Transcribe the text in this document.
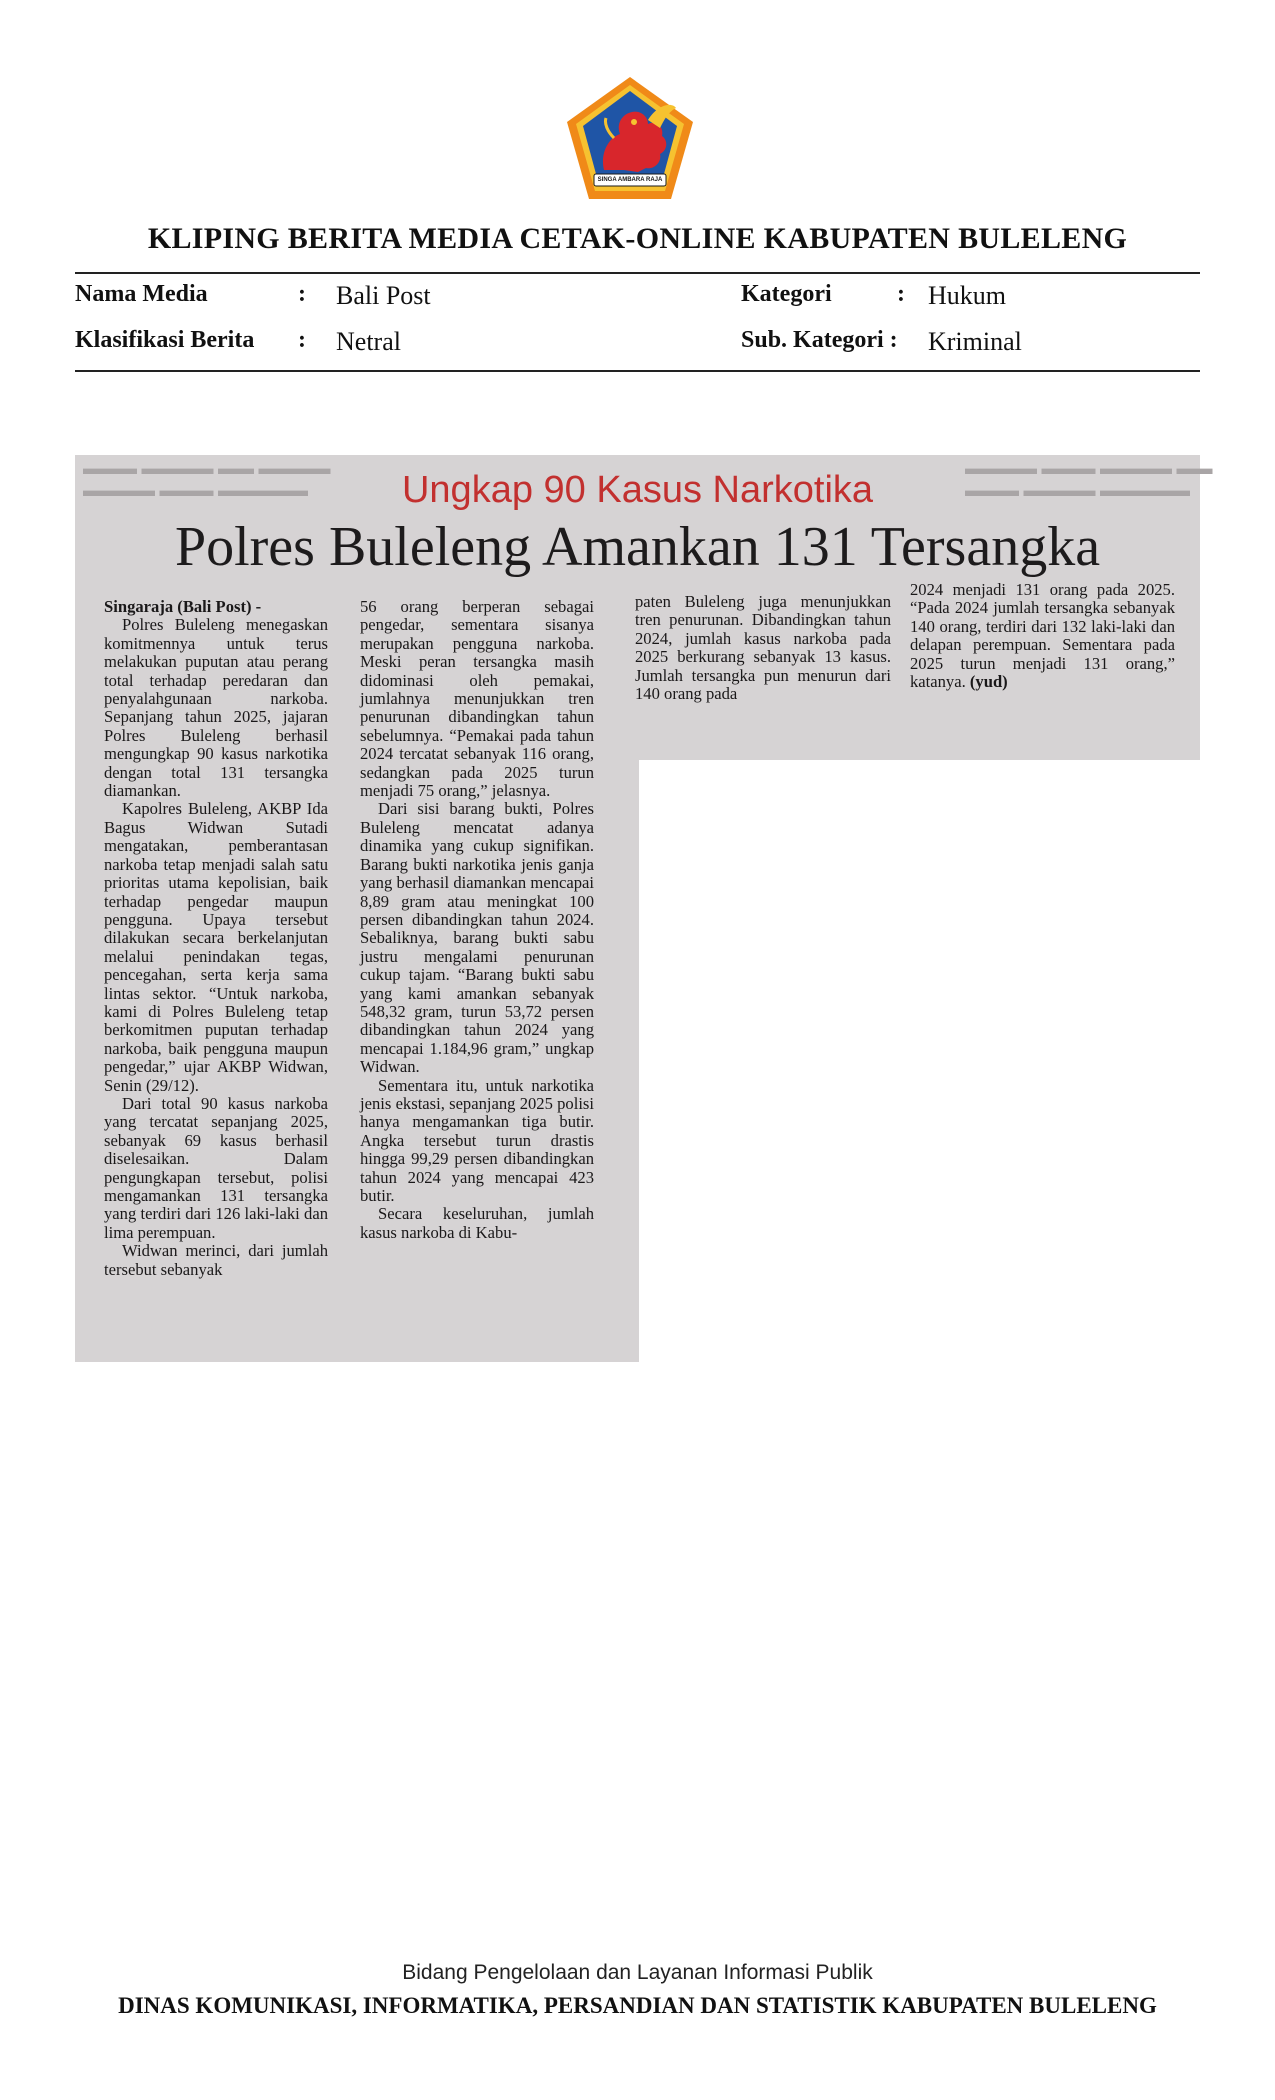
SINGA AMBARA RAJA
KLIPING BERITA MEDIA CETAK-ONLINE KABUPATEN BULELENG
Nama Media	: Bali Post	Kategori	: Hukum
Klasifikasi Berita : Netral	Sub. Kategori : Kriminal
▬▬▬ ▬▬▬▬ ▬▬ ▬▬▬▬
▬▬▬▬ ▬▬▬ ▬▬▬▬▬
▬▬▬▬ ▬▬▬ ▬▬▬▬ ▬▬
▬▬▬ ▬▬▬▬ ▬▬▬▬▬
Ungkap 90 Kasus Narkotika
Polres Buleleng Amankan 131 Tersangka

Singaraja (Bali Post) -

Polres Buleleng menegaskan komitmennya untuk terus melakukan puputan atau perang total terhadap peredaran dan penyalahgunaan narkoba. Sepanjang tahun 2025, jajaran Polres Buleleng berhasil mengungkap 90 kasus narkotika dengan total 131 tersangka diamankan.

Kapolres Buleleng, AKBP Ida Bagus Widwan Sutadi mengatakan, pemberantasan narkoba tetap menjadi salah satu prioritas utama kepolisian, baik terhadap pengedar maupun pengguna. Upaya tersebut dilakukan secara berkelanjutan melalui penindakan tegas, pencegahan, serta kerja sama lintas sektor. “Untuk narkoba, kami di Polres Buleleng tetap berkomitmen puputan terhadap narkoba, baik pengguna maupun pengedar,” ujar AKBP Widwan, Senin (29/12).

Dari total 90 kasus narkoba yang tercatat sepanjang 2025, sebanyak 69 kasus berhasil diselesaikan. Dalam pengungkapan tersebut, polisi mengamankan 131 tersangka yang terdiri dari 126 laki-laki dan lima perempuan.

Widwan merinci, dari jumlah tersebut sebanyak

56 orang berperan sebagai pengedar, sementara sisanya merupakan pengguna narkoba. Meski peran tersangka masih didominasi oleh pemakai, jumlahnya menunjukkan tren penurunan dibandingkan tahun sebelumnya. “Pemakai pada tahun 2024 tercatat sebanyak 116 orang, sedangkan pada 2025 turun menjadi 75 orang,” jelasnya.

Dari sisi barang bukti, Polres Buleleng mencatat adanya dinamika yang cukup signifikan. Barang bukti narkotika jenis ganja yang berhasil diamankan mencapai 8,89 gram atau meningkat 100 persen dibandingkan tahun 2024. Sebaliknya, barang bukti sabu justru mengalami penurunan cukup tajam. “Barang bukti sabu yang kami amankan sebanyak 548,32 gram, turun 53,72 persen dibandingkan tahun 2024 yang mencapai 1.184,96 gram,” ungkap Widwan.

Sementara itu, untuk narkotika jenis ekstasi, sepanjang 2025 polisi hanya mengamankan tiga butir. Angka tersebut turun drastis hingga 99,29 persen dibandingkan tahun 2024 yang mencapai 423 butir.

Secara keseluruhan, jumlah kasus narkoba di Kabu-

paten Buleleng juga menunjukkan tren penurunan. Dibandingkan tahun 2024, jumlah kasus narkoba pada 2025 berkurang sebanyak 13 kasus. Jumlah tersangka pun menurun dari 140 orang pada

2024 menjadi 131 orang pada 2025. “Pada 2024 jumlah tersangka sebanyak 140 orang, terdiri dari 132 laki-laki dan delapan perempuan. Sementara pada 2025 turun menjadi 131 orang,” katanya. (yud)

Bidang Pengelolaan dan Layanan Informasi Publik
DINAS KOMUNIKASI, INFORMATIKA, PERSANDIAN DAN STATISTIK KABUPATEN BULELENG
